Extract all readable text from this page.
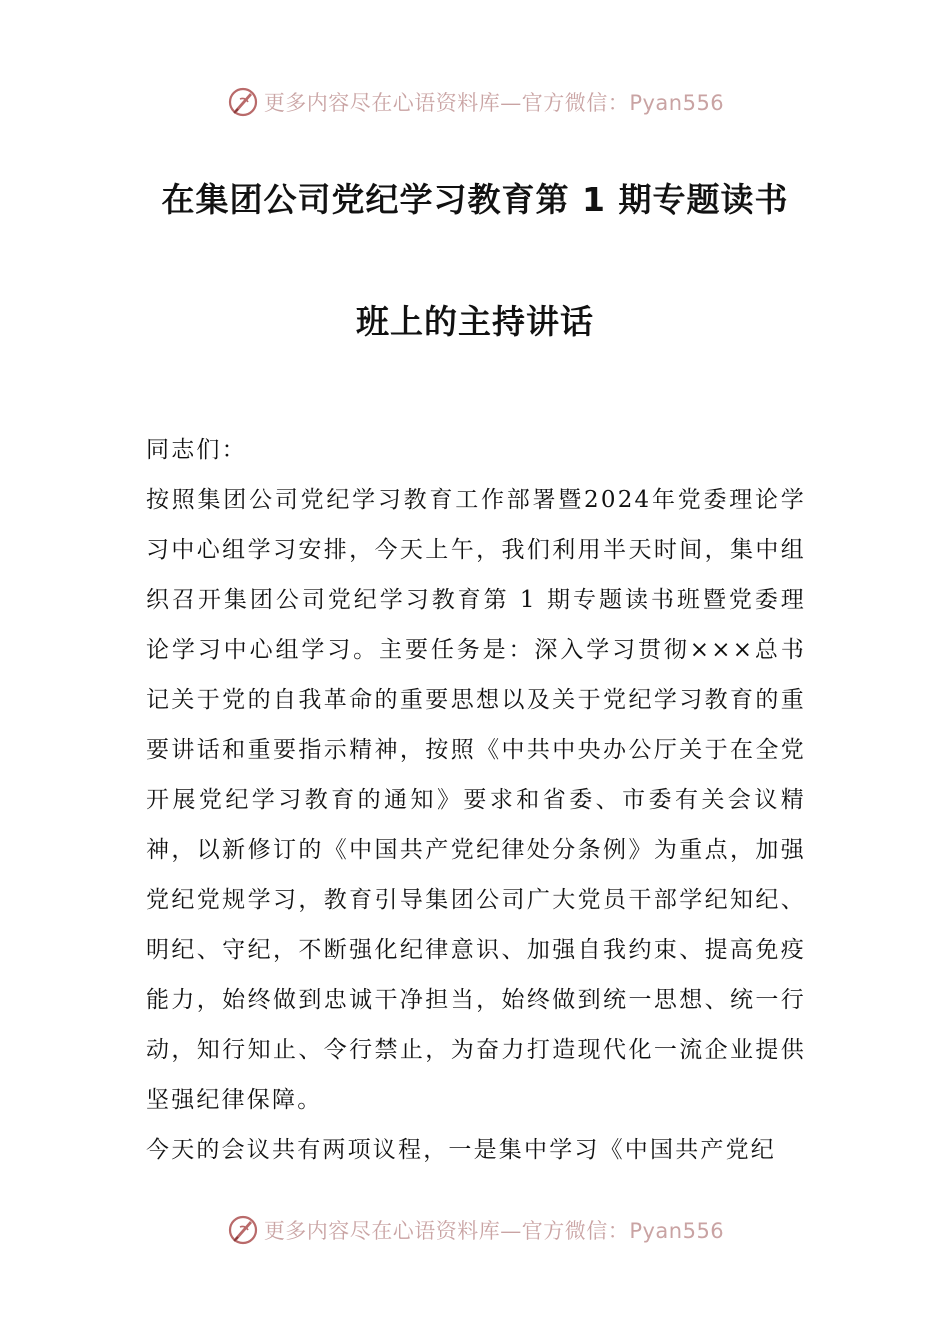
更多内容尽在心语资料库—官方微信：Pyan556
在集团公司党纪学习教育第 1 期专题读书
班上的主持讲话

同志们：

按照集团公司党纪学习教育工作部署暨2024年党委理论学习中心组学习安排，今天上午，我们利用半天时间，集中组织召开集团公司党纪学习教育第 1 期专题读书班暨党委理论学习中心组学习。主要任务是：深入学习贯彻×××总书记关于党的自我革命的重要思想以及关于党纪学习教育的重要讲话和重要指示精神，按照《中共中央办公厅关于在全党开展党纪学习教育的通知》要求和省委、市委有关会议精神，以新修订的《中国共产党纪律处分条例》为重点，加强党纪党规学习，教育引导集团公司广大党员干部学纪知纪、明纪、守纪，不断强化纪律意识、加强自我约束、提高免疫能力，始终做到忠诚干净担当，始终做到统一思想、统一行动，知行知止、令行禁止，为奋力打造现代化一流企业提供坚强纪律保障。

今天的会议共有两项议程，一是集中学习《中国共产党纪

更多内容尽在心语资料库—官方微信：Pyan556
